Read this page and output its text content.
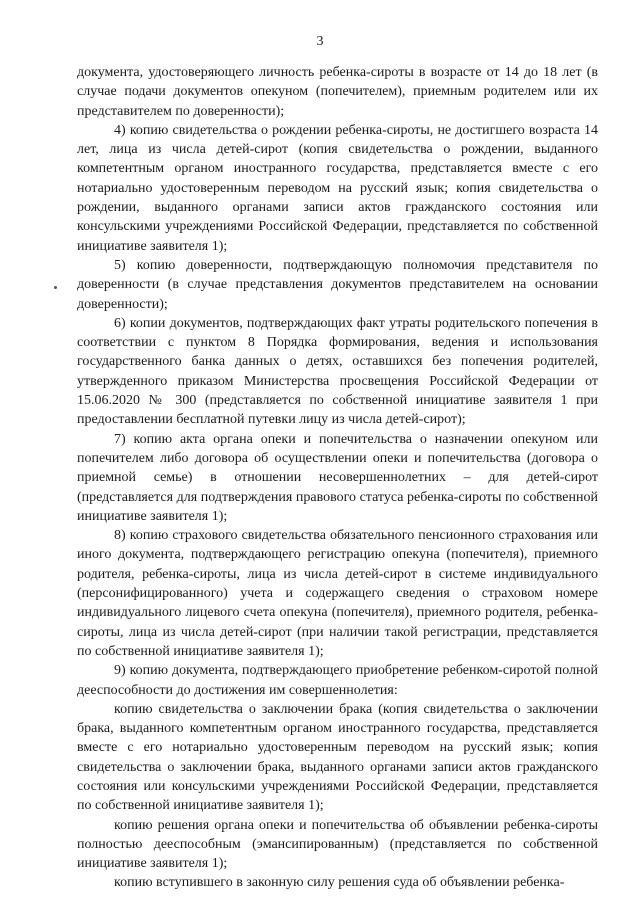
3

документа, удостоверяющего личность ребенка-сироты в возрасте от 14 до 18 лет (в случае подачи документов опекуном (попечителем), приемным родителем или их представителем по доверенности);

4) копию свидетельства о рождении ребенка-сироты, не достигшего возраста 14 лет, лица из числа детей-сирот (копия свидетельства о рождении, выданного компетентным органом иностранного государства, представляется вместе с его нотариально удостоверенным переводом на русский язык; копия свидетельства о рождении, выданного органами записи актов гражданского состояния или консульскими учреждениями Российской Федерации, представляется по собственной инициативе заявителя 1);

5) копию доверенности, подтверждающую полномочия представителя по доверенности (в случае представления документов представителем на основании доверенности);

6) копии документов, подтверждающих факт утраты родительского попечения в соответствии с пунктом 8 Порядка формирования, ведения и использования государственного банка данных о детях, оставшихся без попечения родителей, утвержденного приказом Министерства просвещения Российской Федерации от 15.06.2020 № 300 (представляется по собственной инициативе заявителя 1 при предоставлении бесплатной путевки лицу из числа детей-сирот);

7) копию акта органа опеки и попечительства о назначении опекуном или попечителем либо договора об осуществлении опеки и попечительства (договора о приемной семье) в отношении несовершеннолетних – для детей-сирот (представляется для подтверждения правового статуса ребенка-сироты по собственной инициативе заявителя 1);

8) копию страхового свидетельства обязательного пенсионного страхования или иного документа, подтверждающего регистрацию опекуна (попечителя), приемного родителя, ребенка-сироты, лица из числа детей-сирот в системе индивидуального (персонифицированного) учета и содержащего сведения о страховом номере индивидуального лицевого счета опекуна (попечителя), приемного родителя, ребенка-сироты, лица из числа детей-сирот (при наличии такой регистрации, представляется по собственной инициативе заявителя 1);

9) копию документа, подтверждающего приобретение ребенком-сиротой полной дееспособности до достижения им совершеннолетия:

копию свидетельства о заключении брака (копия свидетельства о заключении брака, выданного компетентным органом иностранного государства, представляется вместе с его нотариально удостоверенным переводом на русский язык; копия свидетельства о заключении брака, выданного органами записи актов гражданского состояния или консульскими учреждениями Российской Федерации, представляется по собственной инициативе заявителя 1);

копию решения органа опеки и попечительства об объявлении ребенка-сироты полностью дееспособным (эмансипированным) (представляется по собственной инициативе заявителя 1);

копию вступившего в законную силу решения суда об объявлении ребенка-
